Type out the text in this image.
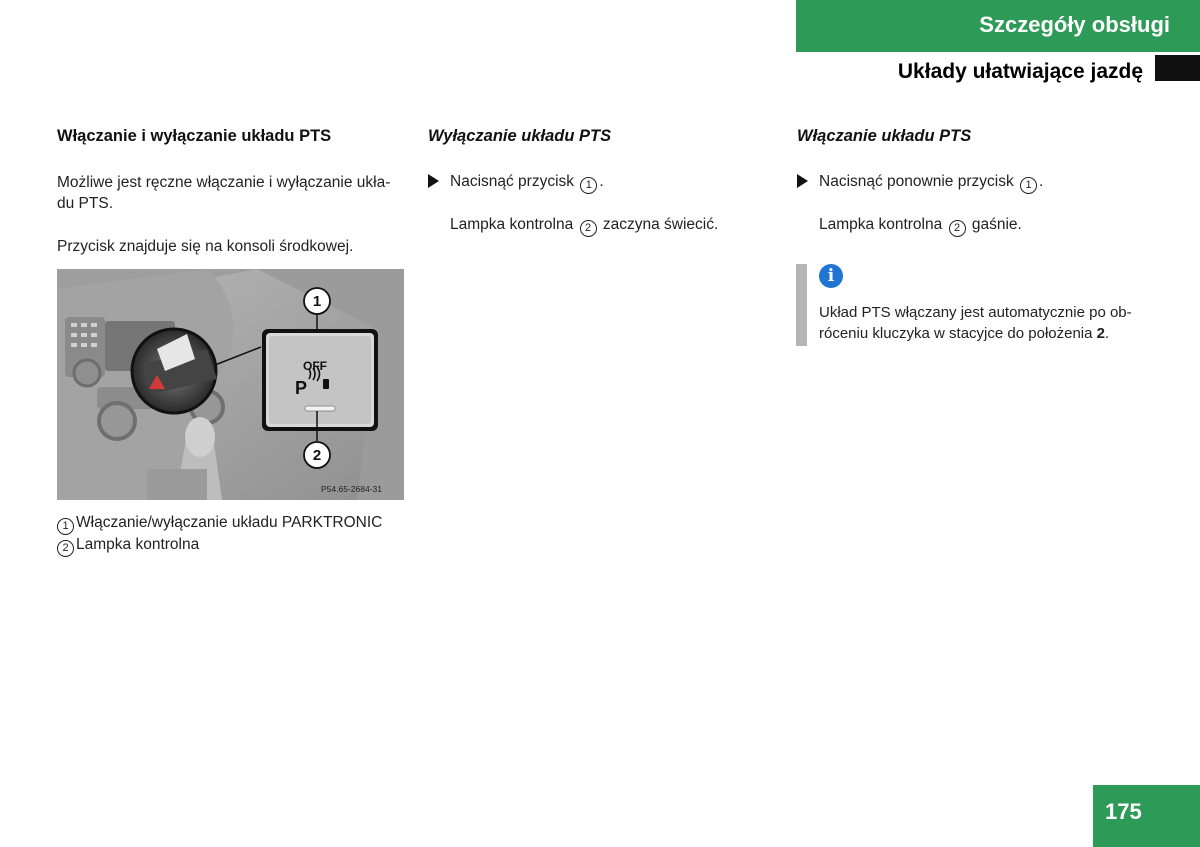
Szczegóły obsługi
Układy ułatwiające jazdę
Włączanie i wyłączanie układu PTS
Możliwe jest ręczne włączanie i wyłączanie ukła-
du PTS.
Przycisk znajduje się na konsoli środkowej.
OFF
P
1
2
P54.65-2684-31
1 Włączanie/wyłączanie układu PARKTRONIC
2 Lampka kontrolna
Wyłączanie układu PTS
Nacisnąć przycisk 1 .
Lampka kontrolna 2 zaczyna świecić.
Włączanie układu PTS
Nacisnąć ponownie przycisk 1 .
Lampka kontrolna 2 gaśnie.
i
Układ PTS włączany jest automatycznie po ob-
róceniu kluczyka w stacyjce do położenia 2.
175
